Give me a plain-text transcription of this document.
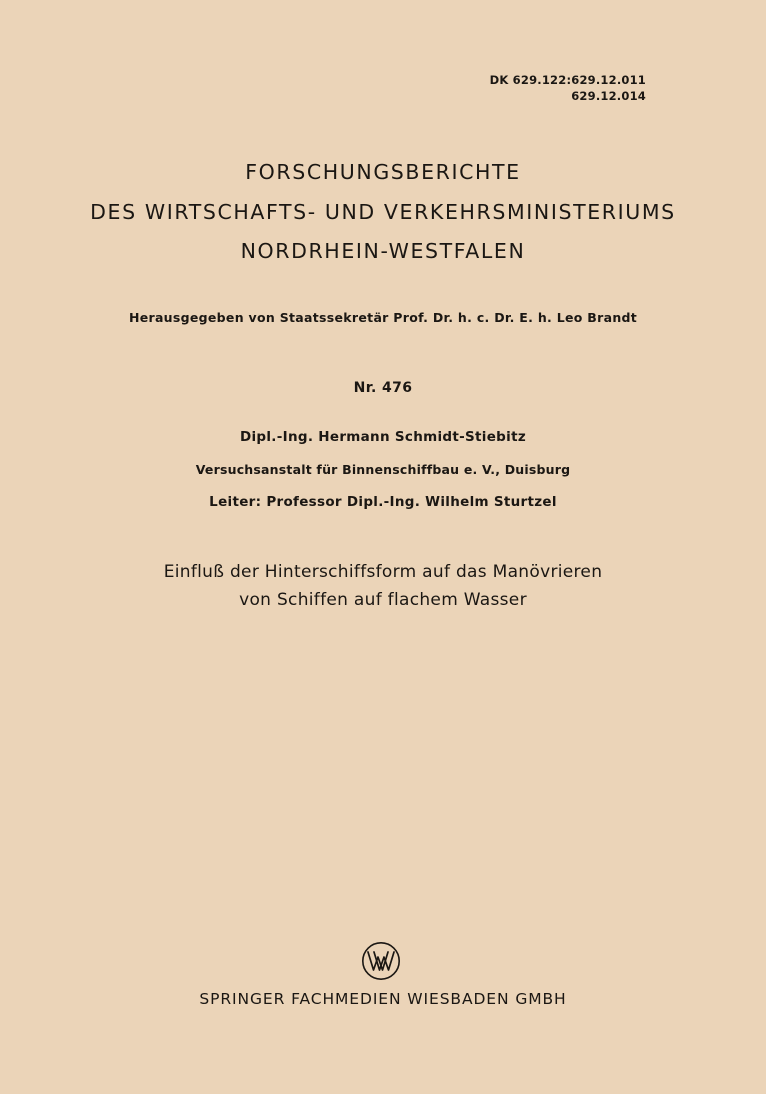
DK 629.122:629.12.011
629.12.014
FORSCHUNGSBERICHTE
DES WIRTSCHAFTS- UND VERKEHRSMINISTERIUMS
NORDRHEIN-WESTFALEN
Herausgegeben von Staatssekretär Prof. Dr. h. c. Dr. E. h. Leo Brandt
Nr. 476
Dipl.-Ing. Hermann Schmidt-Stiebitz
Versuchsanstalt für Binnenschiffbau e. V., Duisburg
Leiter: Professor Dipl.-Ing. Wilhelm Sturtzel
Einfluß der Hinterschiffsform auf das Manövrieren
von Schiffen auf flachem Wasser
SPRINGER FACHMEDIEN WIESBADEN GMBH
